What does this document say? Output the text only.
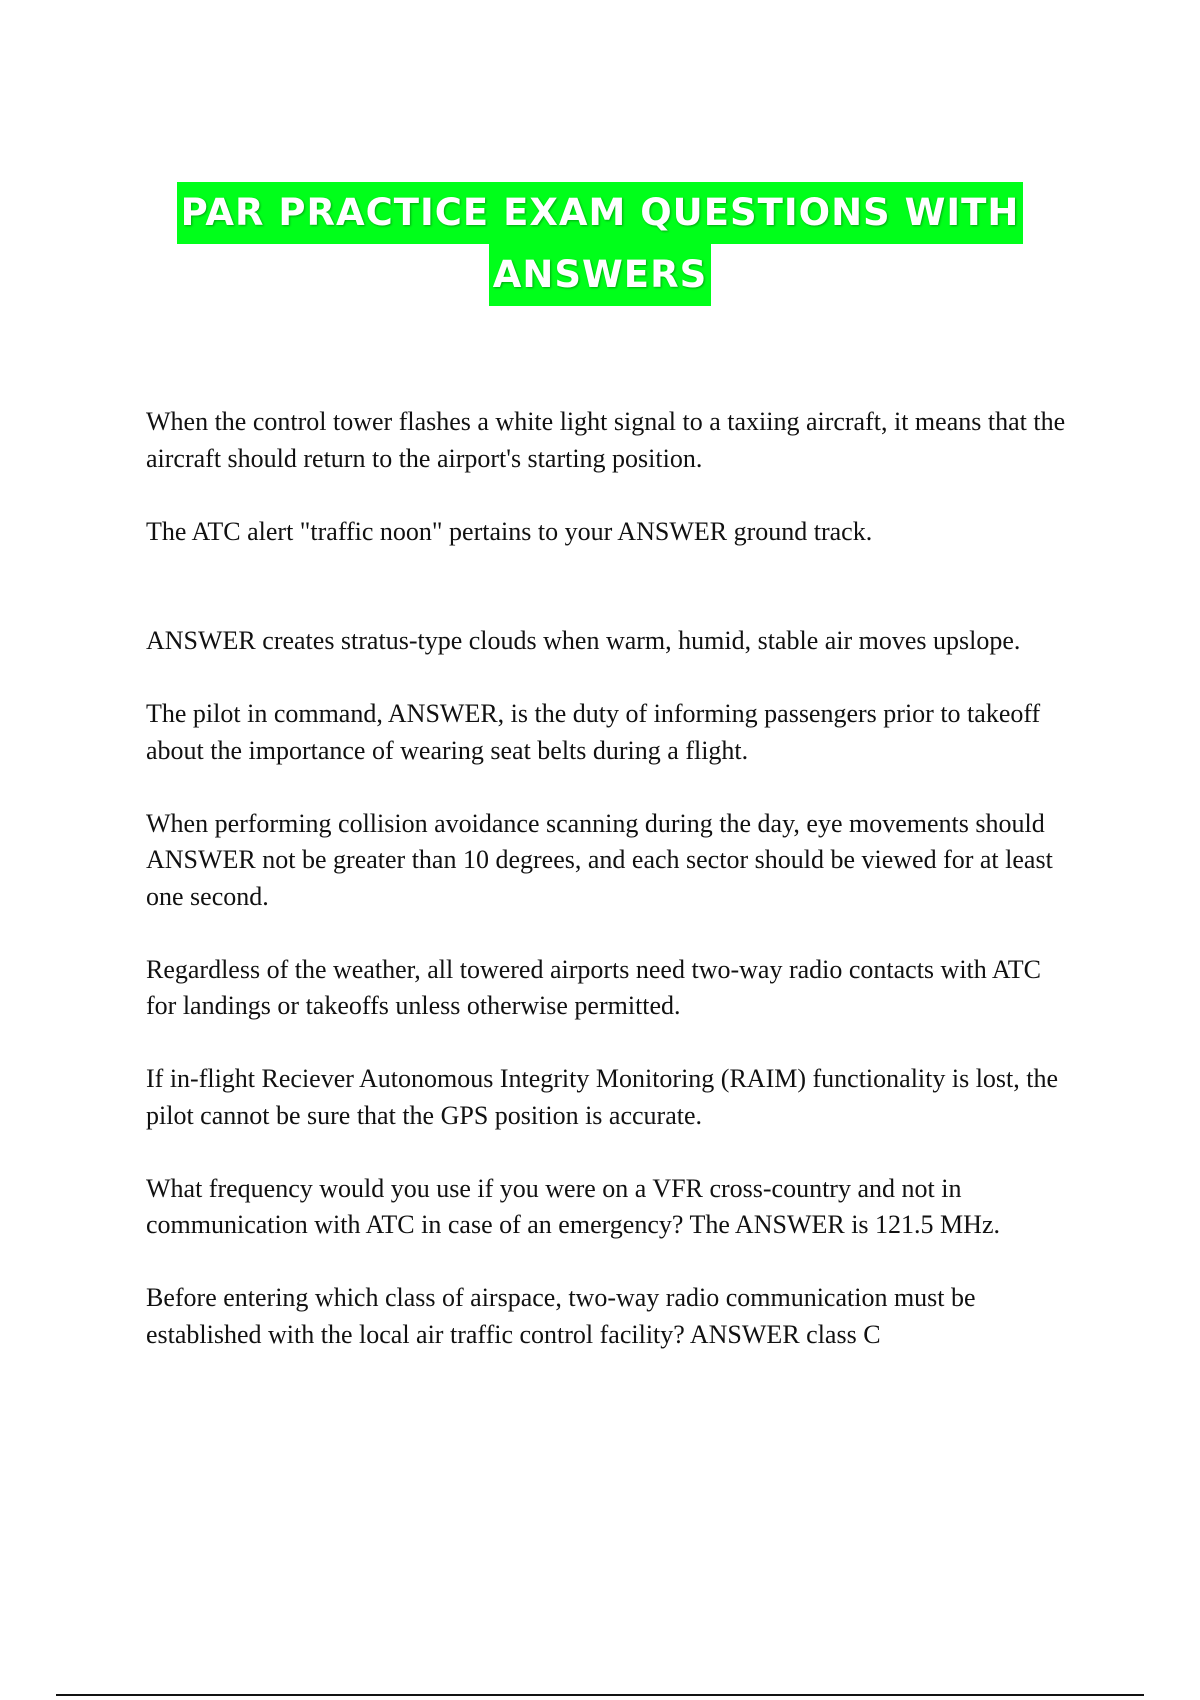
PAR PRACTICE EXAM QUESTIONS WITH
ANSWERS

When the control tower flashes a white light signal to a taxiing aircraft, it means that the aircraft should return to the airport's starting position.

The ATC alert "traffic noon" pertains to your ANSWER ground track.

ANSWER creates stratus-type clouds when warm, humid, stable air moves upslope.

The pilot in command, ANSWER, is the duty of informing passengers prior to takeoff about the importance of wearing seat belts during a flight.

When performing collision avoidance scanning during the day, eye movements should ANSWER not be greater than 10 degrees, and each sector should be viewed for at least one second.

Regardless of the weather, all towered airports need two-way radio contacts with ATC for landings or takeoffs unless otherwise permitted.

If in-flight Reciever Autonomous Integrity Monitoring (RAIM) functionality is lost, the pilot cannot be sure that the GPS position is accurate.

What frequency would you use if you were on a VFR cross-country and not in communication with ATC in case of an emergency? The ANSWER is 121.5 MHz.

Before entering which class of airspace, two-way radio communication must be established with the local air traffic control facility? ANSWER class C
